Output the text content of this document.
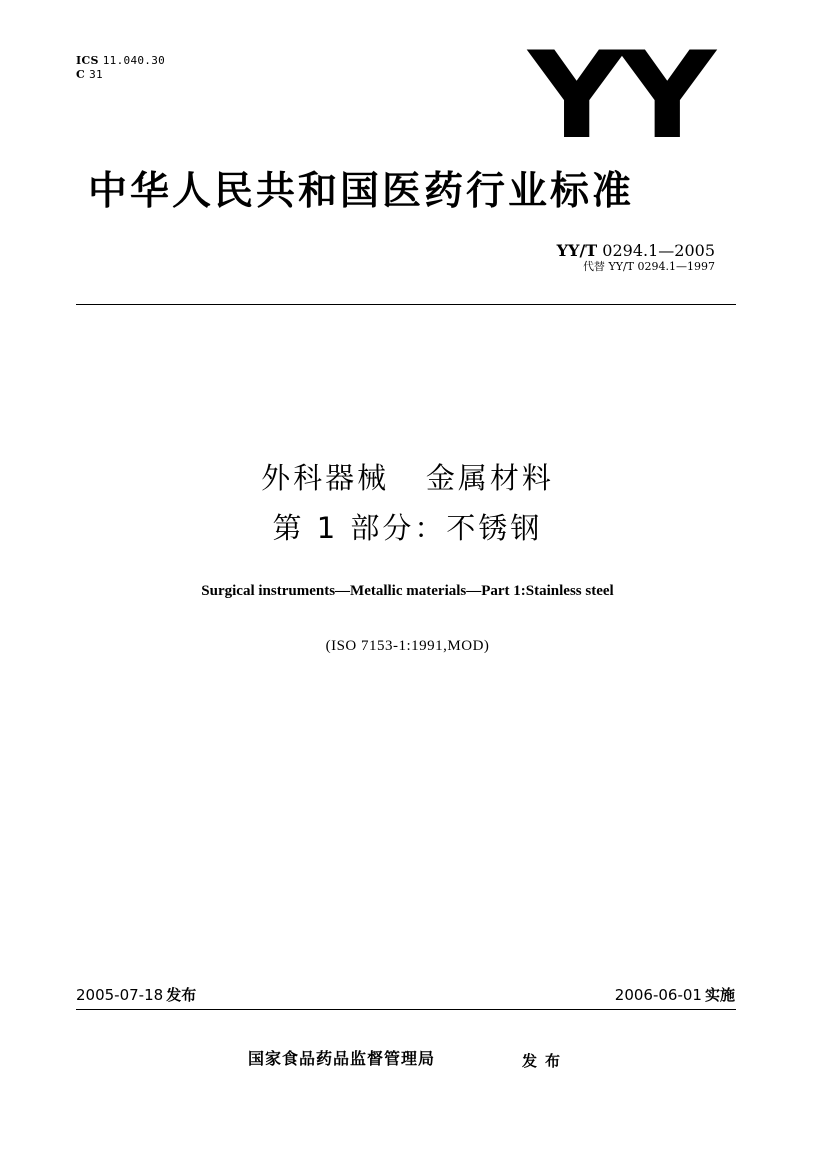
ICS 11.040.30
C 31	YY
中华人民共和国医药行业标准
YY/T 0294.1—2005
代替 YY/T 0294.1—1997
外科器械   金属材料
第 1 部分：不锈钢
Surgical instruments—Metallic materials—Part 1:Stainless steel
(ISO 7153-1:1991,MOD)
2005-07-18 发布	2006-06-01 实施
国家食品药品监督管理局	发布
